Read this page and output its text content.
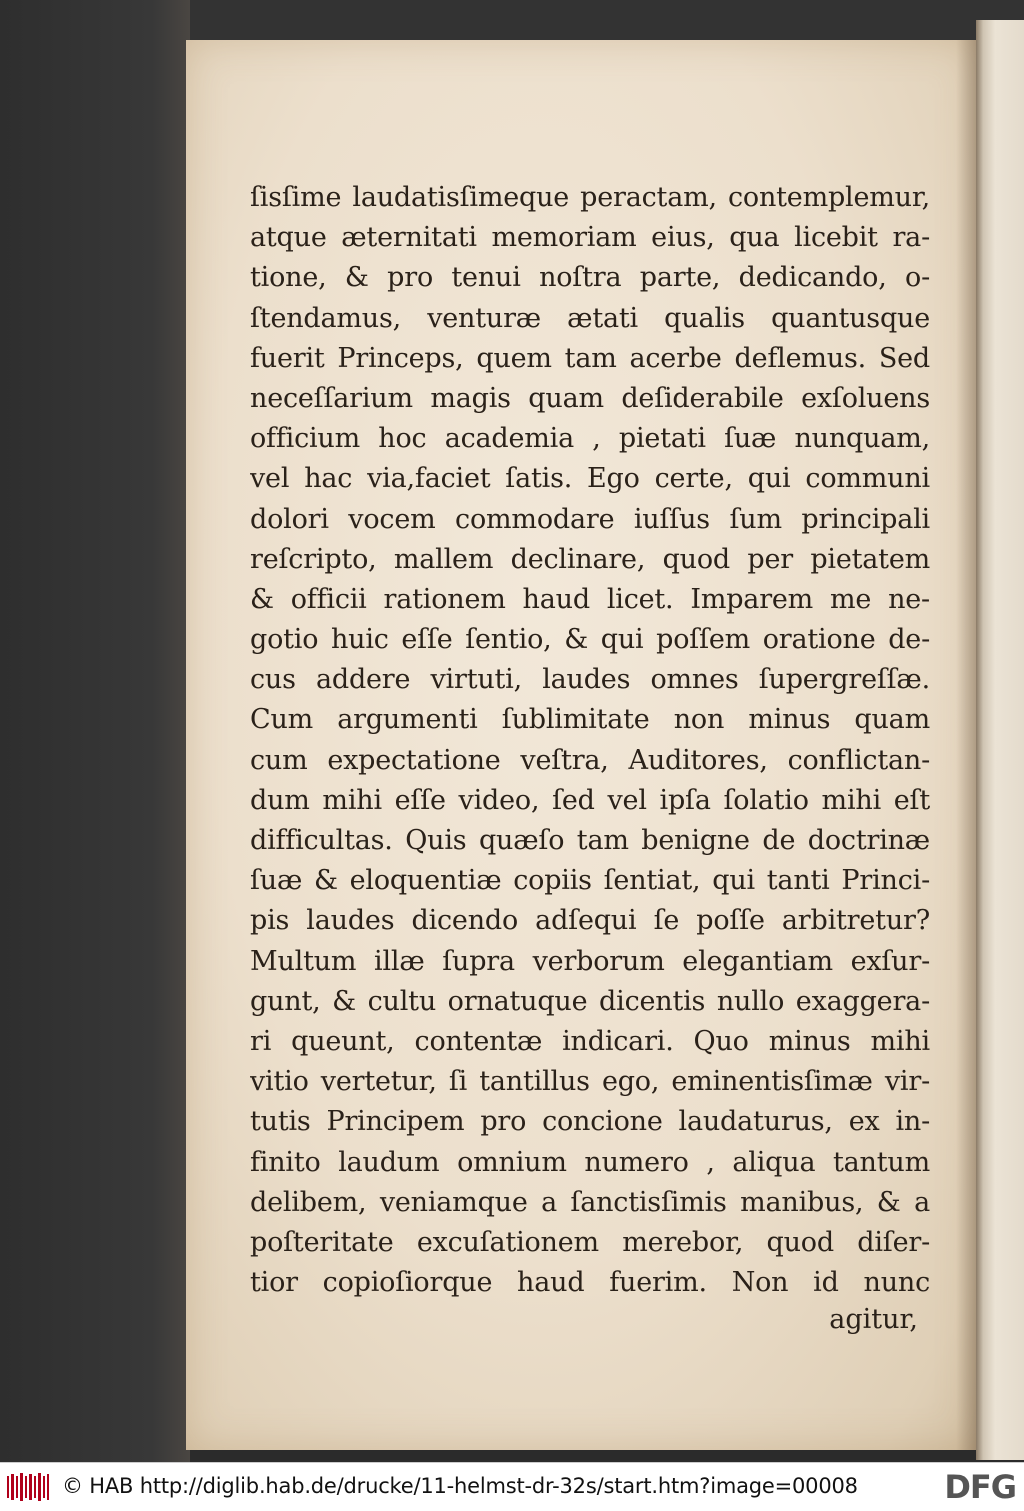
ſisſime laudatisſimeque peractam, contemplemur,
atque æternitati memoriam eius, qua licebit ra-
tione, & pro tenui noſtra parte, dedicando, o-
ſtendamus, venturæ ætati qualis quantusque
fuerit Princeps, quem tam acerbe deflemus. Sed
neceſſarium magis quam deſiderabile exſoluens
officium hoc academia , pietati ſuæ nunquam,
vel hac via,faciet ſatis. Ego certe, qui communi
dolori vocem commodare iuſſus ſum principali
reſcripto, mallem declinare, quod per pietatem
& officii rationem haud licet. Imparem me ne-
gotio huic eſſe ſentio, & qui poſſem oratione de-
cus addere virtuti, laudes omnes ſupergreſſæ.
Cum argumenti ſublimitate non minus quam
cum expectatione veſtra, Auditores, conflictan-
dum mihi eſſe video, ſed vel ipſa ſolatio mihi eſt
difficultas. Quis quæſo tam benigne de doctrinæ
ſuæ & eloquentiæ copiis ſentiat, qui tanti Princi-
pis laudes dicendo adſequi ſe poſſe arbitretur?
Multum illæ ſupra verborum elegantiam exſur-
gunt, & cultu ornatuque dicentis nullo exaggera-
ri queunt, contentæ indicari. Quo minus mihi
vitio vertetur, ſi tantillus ego, eminentisſimæ vir-
tutis Principem pro concione laudaturus, ex in-
finito laudum omnium numero , aliqua tantum
delibem, veniamque a ſanctisſimis manibus, & a
poſteritate excuſationem merebor, quod diſer-
tior copioſiorque haud fuerim. Non id nunc
agitur,
© HAB http://diglib.hab.de/drucke/11-helmst-dr-32s/start.htm?image=00008	DFG
